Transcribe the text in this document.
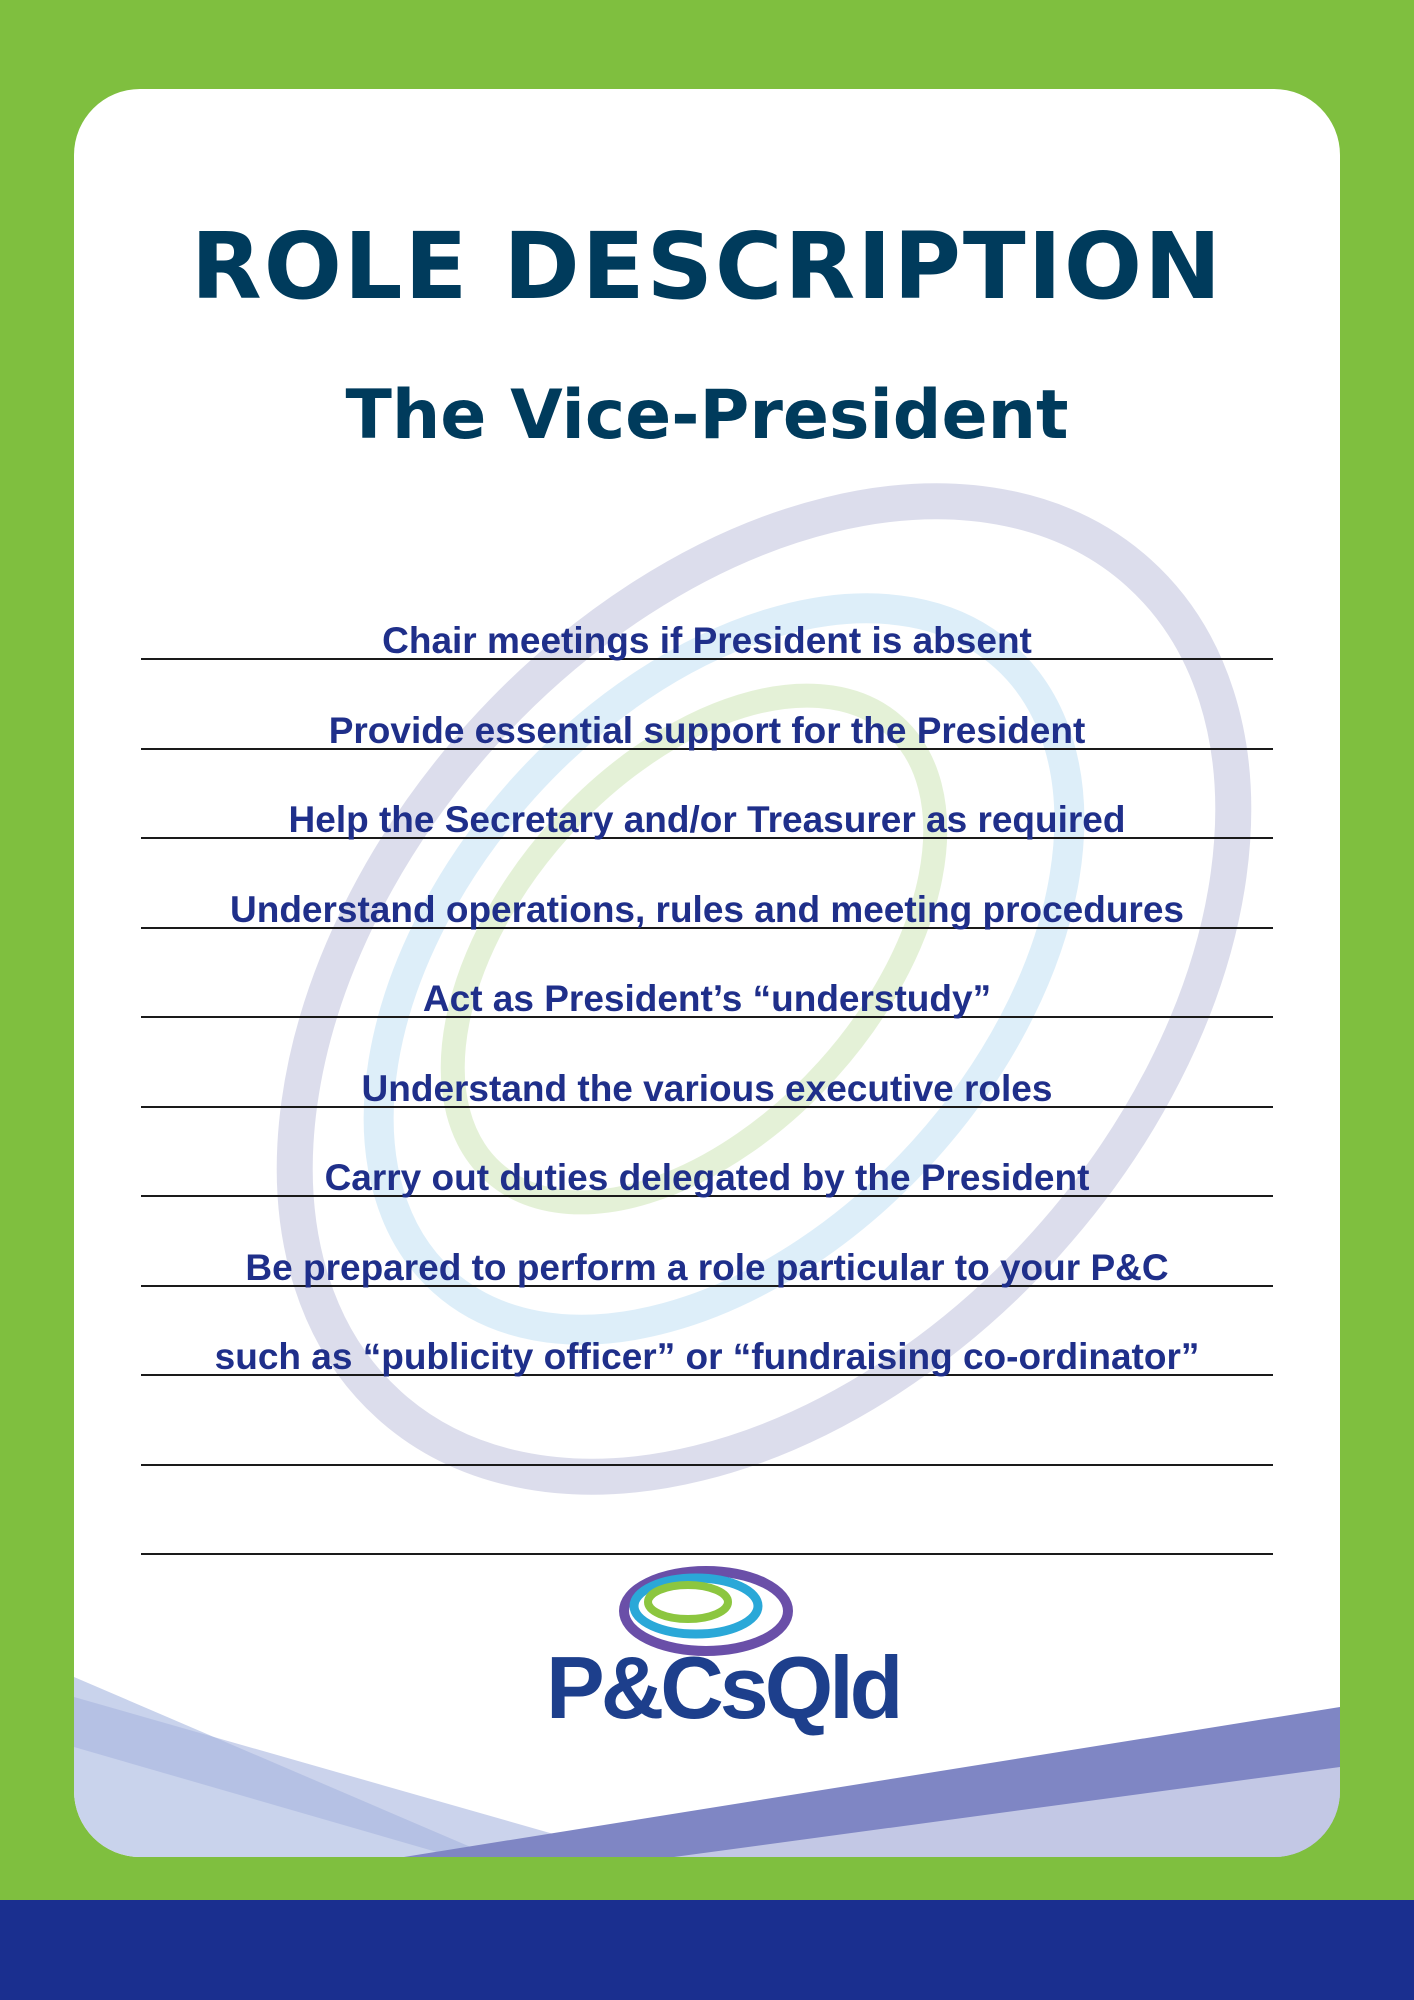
ROLE DESCRIPTION
The Vice-President
Chair meetings if President is absent
Provide essential support for the President
Help the Secretary and/or Treasurer as required
Understand operations, rules and meeting procedures
Act as President’s “understudy”
Understand the various executive roles
Carry out duties delegated by the President
Be prepared to perform a role particular to your P&C
such as “publicity officer” or “fundraising co-ordinator”
P&CsQld
